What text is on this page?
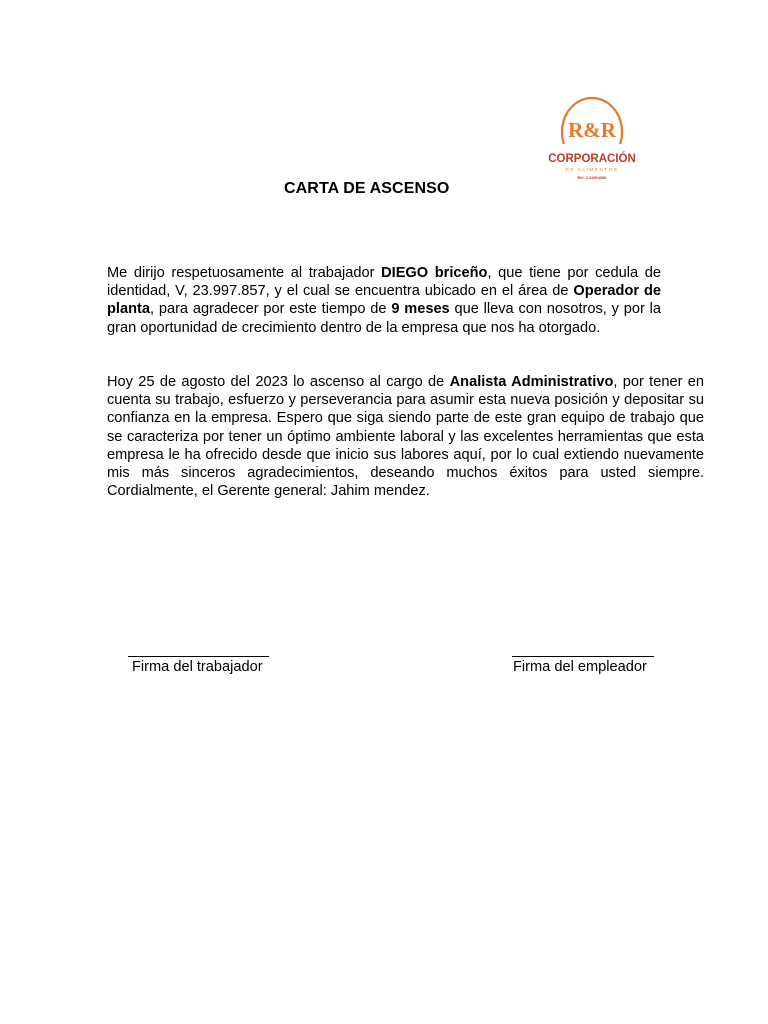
R&R
CORPORACIÓN
DE ALIMENTOS
Rif: J-41904080
CARTA DE ASCENSO

Me dirijo respetuosamente al trabajador DIEGO briceño, que tiene por cedula de identidad, V, 23.997.857, y el cual se encuentra ubicado en el área de Operador de planta, para agradecer por este tiempo de 9 meses que lleva con nosotros, y por la gran oportunidad de crecimiento dentro de la empresa que nos ha otorgado.

Hoy 25 de agosto del 2023 lo ascenso al cargo de Analista Administrativo, por tener en cuenta su trabajo, esfuerzo y perseverancia para asumir esta nueva posición y depositar su confianza en la empresa. Espero que siga siendo parte de este gran equipo de trabajo que se caracteriza por tener un óptimo ambiente laboral y las excelentes herramientas que esta empresa le ha ofrecido desde que inicio sus labores aquí, por lo cual extiendo nuevamente mis más sinceros agradecimientos, deseando muchos éxitos para usted siempre. Cordialmente, el Gerente general: Jahim mendez.

Firma del trabajador	Firma del empleador
